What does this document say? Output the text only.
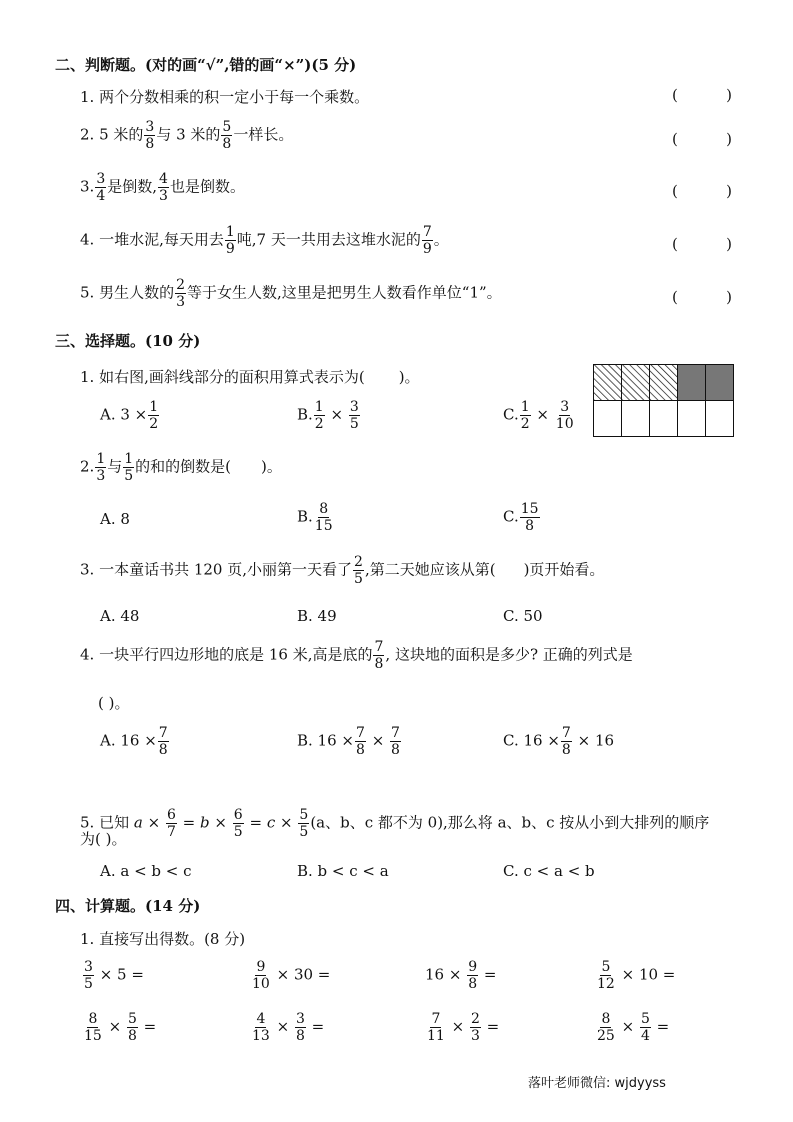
二、判断题。(对的画“√”,错的画“×”)(5 分)
1. 两个分数相乘的积一定小于每一个乘数。	(	)
2. 5 米的 $\frac{3}{8}$ 与 3 米的 $\frac{5}{8}$ 一样长。	(	)
3. $\frac{3}{4}$ 是倒数, $\frac{4}{3}$ 也是倒数。	(	)
4. 一堆水泥,每天用去 $\frac{1}{9}$ 吨,7 天一共用去这堆水泥的 $\frac{7}{9}$ 。	(	)
5. 男生人数的 $\frac{2}{3}$ 等于女生人数,这里是把男生人数看作单位“1”。	(	)
三、选择题。(10 分)
1. 如右图,画斜线部分的面积用算式表示为( )。
A. $3 \times \frac{1}{2}$	B. $\frac{1}{2} \times \frac{3}{5}$	C. $\frac{1}{2} \times \frac{3}{10}$
2. $\frac{1}{3}$ 与 $\frac{1}{5}$ 的和的倒数是( )。
A. 8	B. $\frac{8}{15}$	C. $\frac{15}{8}$
3. 一本童话书共 120 页,小丽第一天看了 $\frac{2}{5}$ ,第二天她应该从第( )页开始看。
A. 48	B. 49	C. 50
4. 一块平行四边形地的底是 16 米,高是底的 $\frac{7}{8}$ , 这块地的面积是多少? 正确的列式是
( )。
A. $16 \times \frac{7}{8}$	B. $16 \times \frac{7}{8} \times \frac{7}{8}$	C. $16 \times \frac{7}{8} \times 16$
5. 已知 $a \times \frac{6}{7} = b \times \frac{6}{5} = c \times \frac{5}{5} (a$、b、c 都不为 0),那么将 a、b、c 按从小到大排列的顺序
为( )。
A. a < b < c	B. b < c < a	C. c < a < b
四、计算题。(14 分)
1. 直接写出得数。(8 分)
$\frac{3}{5} \times 5$ =	$\frac{9}{10} \times 30$ =	$16 \times \frac{9}{8}$ =	$\frac{5}{12} \times 10$ =
$\frac{8}{15} \times \frac{5}{8}$ =	$\frac{4}{13} \times \frac{3}{8}$ =	$\frac{7}{11} \times \frac{2}{3}$ =	$\frac{8}{25} \times \frac{5}{4}$ =
落叶老师微信: wjdyyss
